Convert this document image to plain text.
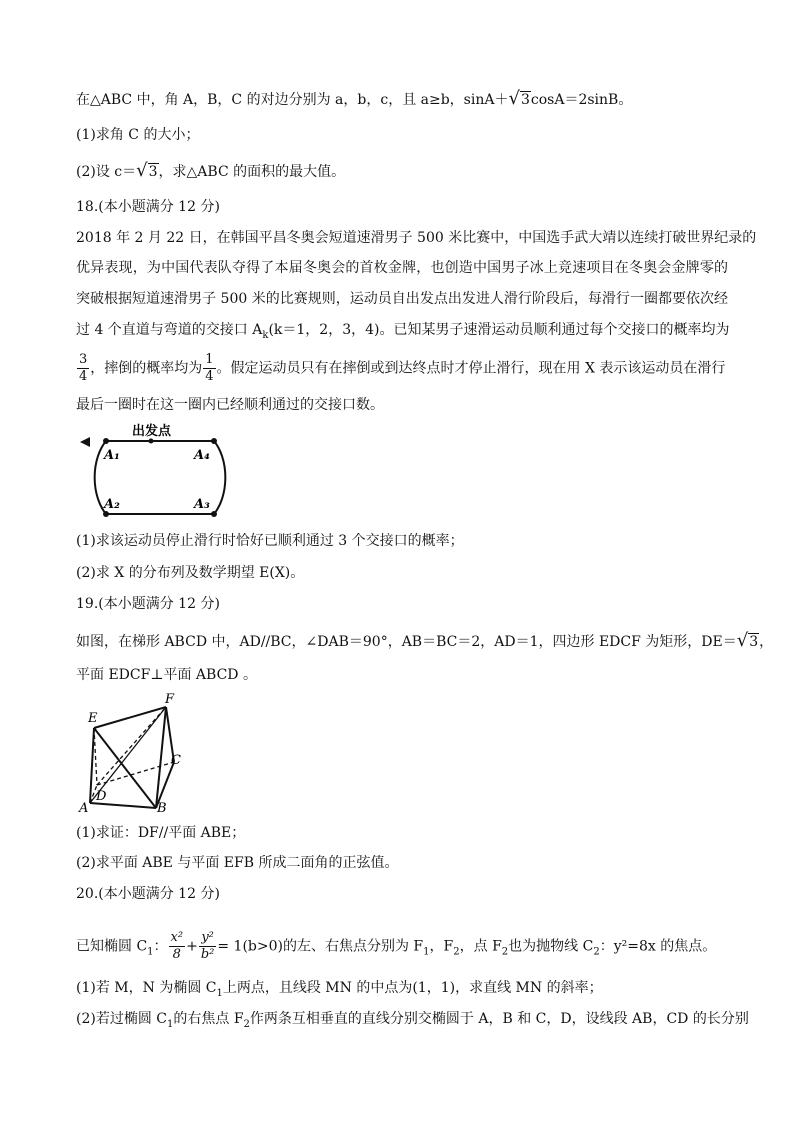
在△ABC 中，角 A，B，C 的对边分别为 a，b，c，且 a≥b，sinA＋√3cosA＝2sinB。
(1)求角 C 的大小；
(2)设 c＝√3，求△ABC 的面积的最大值。
18.(本小题满分 12 分)
2018 年 2 月 22 日，在韩国平昌冬奥会短道速滑男子 500 米比赛中，中国选手武大靖以连续打破世界纪录的
优异表现，为中国代表队夺得了本届冬奥会的首枚金牌，也创造中国男子冰上竞速项目在冬奥会金牌零的
突破根据短道速滑男子 500 米的比赛规则，运动员自出发点出发进人滑行阶段后，每滑行一圈都要依次经
过 4 个直道与弯道的交接口 $A_k(k=1$，2，3，4)。已知某男子速滑运动员顺利通过每个交接口的概率均为
$\frac{3}{4}$ ，摔倒的概率均为 $\frac{1}{4}$ 。假定运动员只有在摔倒或到达终点时才停止滑行，现在用 X 表示该运动员在滑行
最后一圈时在这一圈内已经顺利通过的交接口数。
出发点
A₁	A₄
A₂	A₃
(1)求该运动员停止滑行时恰好已顺利通过 3 个交接口的概率；
(2)求 X 的分布列及数学期望 E(X)。
19.(本小题满分 12 分)
如图，在梯形 ABCD 中，AD//BC，∠DAB＝90°，AB＝BC＝2，AD＝1，四边形 EDCF 为矩形，DE＝√3，
平面 EDCF⊥平面 ABCD 。
E
F
C
D
A	B
(1)求证：DF//平面 ABE；
(2)求平面 ABE 与平面 EFB 所成二面角的正弦值。
20.(本小题满分 12 分)
已知椭圆 $C_1$： $\frac{\text{x²}}{8} + \frac{\text{y²}}{\text{b²}} = 1(b>0)$的左、右焦点分别为 $F_1$，$F_2$，点 $F_2$也为抛物线 $C_2$：y²=8x 的焦点。
(1)若 M，N 为椭圆 $C_1$上两点，且线段 MN 的中点为(1，1)，求直线 MN 的斜率；
(2)若过椭圆 $C_1$的右焦点 $F_2$作两条互相垂直的直线分别交椭圆于 A，B 和 C，D，设线段 AB，CD 的长分别
